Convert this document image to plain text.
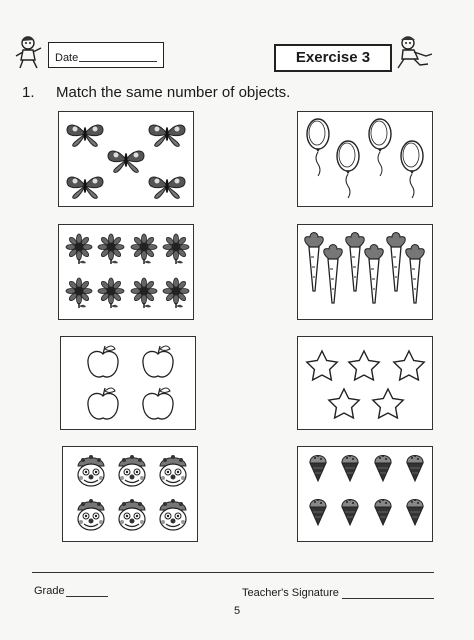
Date	Exercise 3
1. Match the same number of objects.
Grade	Teacher's Signature
5
